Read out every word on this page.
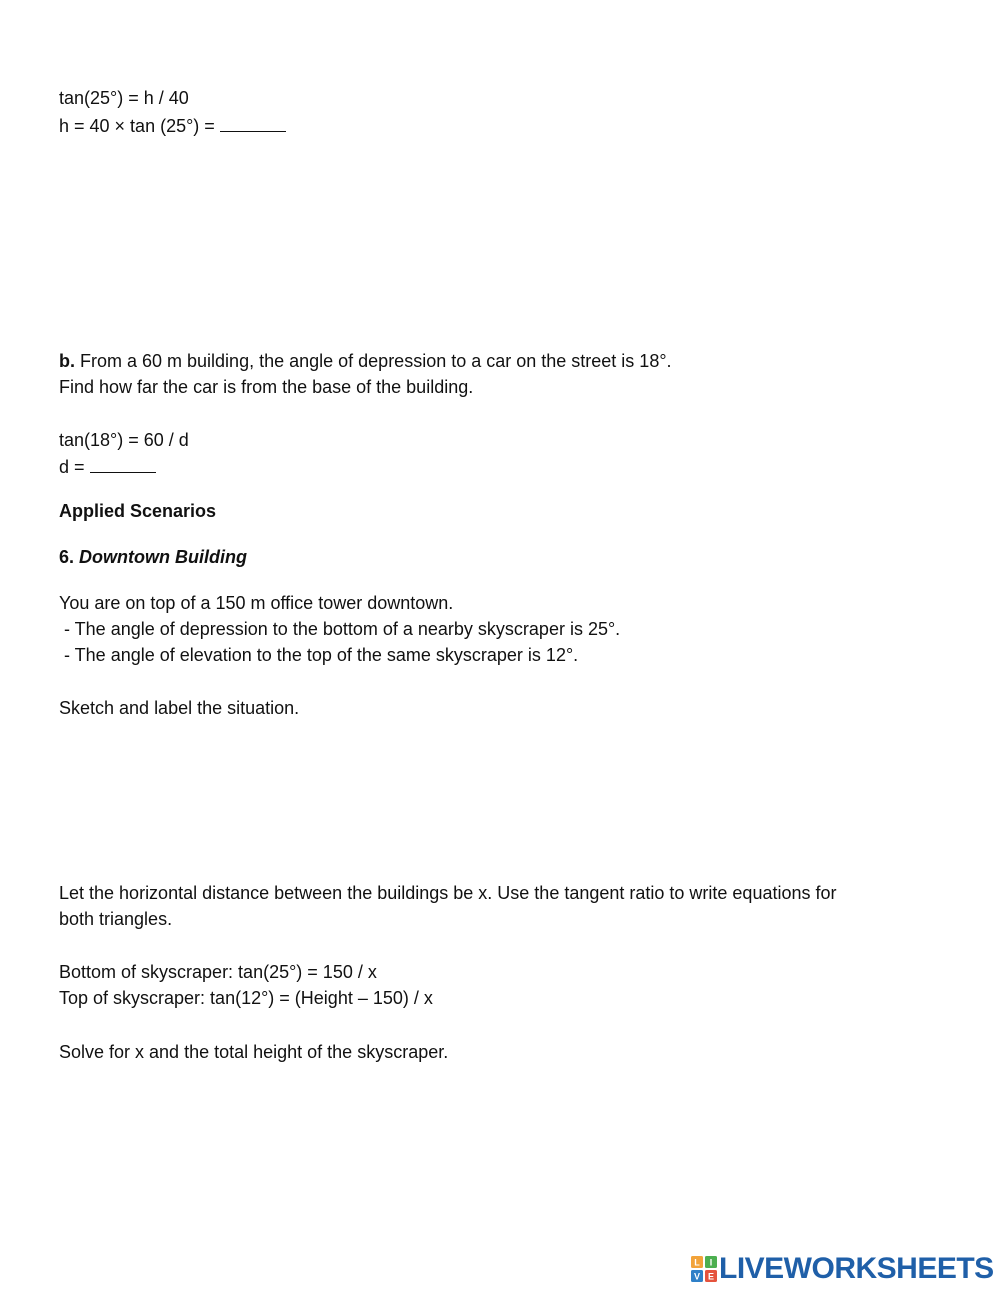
tan(25°) = h / 40
h = 40 × tan (25°) =
b. From a 60 m building, the angle of depression to a car on the street is 18°.
Find how far the car is from the base of the building.
tan(18°) = 60 / d
d =
Applied Scenarios
6. Downtown Building
You are on top of a 150 m office tower downtown.
- The angle of depression to the bottom of a nearby skyscraper is 25°.
- The angle of elevation to the top of the same skyscraper is 12°.
Sketch and label the situation.
Let the horizontal distance between the buildings be x. Use the tangent ratio to write equations for
both triangles.
Bottom of skyscraper: tan(25°) = 150 / x
Top of skyscraper: tan(12°) = (Height – 150) / x
Solve for x and the total height of the skyscraper.
L I
V E LIVEWORKSHEETS
